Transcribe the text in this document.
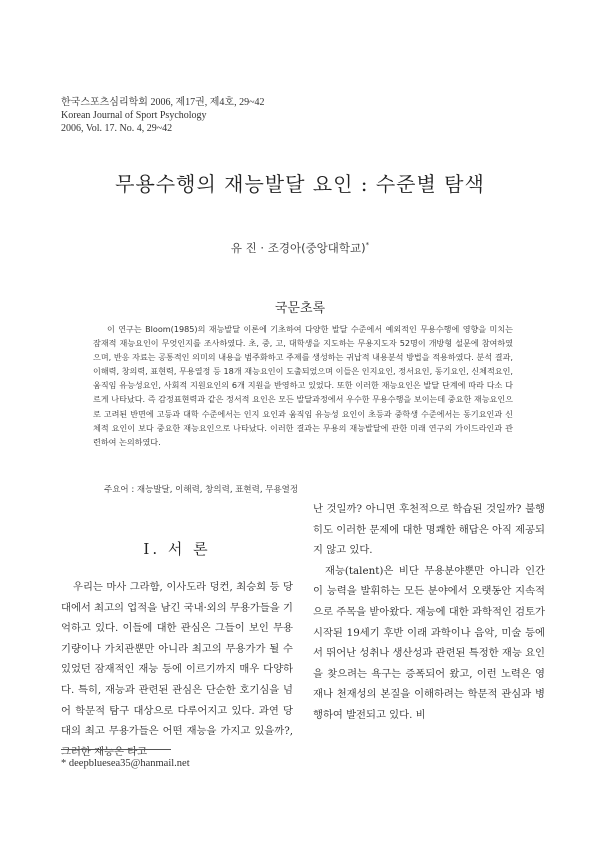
한국스포츠심리학회 2006, 제17권, 제4호, 29~42
Korean Journal of Sport Psychology
2006, Vol. 17. No. 4, 29~42
무용수행의 재능발달 요인 : 수준별 탐색
유 진 · 조경아(중앙대학교)*
국문초록
이 연구는 Bloom(1985)의 재능발달 이론에 기초하여 다양한 발달 수준에서 예외적인 무용수행에 영향을 미치는 잠재적 재능요인이 무엇인지를 조사하였다. 초, 중, 고, 대학생을 지도하는 무용지도자 52명이 개방형 설문에 참여하였으며, 반응 자료는 공통적인 의미의 내용을 범주화하고 주제를 생성하는 귀납적 내용분석 방법을 적용하였다. 분석 결과, 이해력, 창의력, 표현력, 무용열정 등 18개 재능요인이 도출되었으며 이들은 인지요인, 정서요인, 동기요인, 신체적요인, 움직임 유능성요인, 사회적 지원요인의 6개 지원을 반영하고 있었다. 또한 이러한 재능요인은 발달 단계에 따라 다소 다르게 나타났다. 즉 감정표현력과 같은 정서적 요인은 모든 발달과정에서 우수한 무용수행을 보이는데 중요한 재능요인으로 고려된 반면에 고등과 대학 수준에서는 인지 요인과 움직임 유능성 요인이 초등과 중학생 수준에서는 동기요인과 신체적 요인이 보다 중요한 재능요인으로 나타났다. 이러한 결과는 무용의 재능발달에 관한 미래 연구의 가이드라인과 관련하여 논의하였다.
주요어 : 재능발달, 이해력, 창의력, 표현력, 무용열정
I. 서 론

우리는 마사 그라함, 이사도라 덩컨, 최승희 등 당대에서 최고의 업적을 남긴 국내·외의 무용가들을 기억하고 있다. 이들에 대한 관심은 그들이 보인 무용 기량이나 가치관뿐만 아니라 최고의 무용가가 될 수 있었던 잠재적인 재능 등에 이르기까지 매우 다양하다. 특히, 재능과 관련된 관심은 단순한 호기심을 넘어 학문적 탐구 대상으로 다루어지고 있다. 과연 당대의 최고 무용가들은 어떤 재능을 가지고 있을까?, 그러한 재능은 타고

난 것일까? 아니면 후천적으로 학습된 것일까? 불행히도 이러한 문제에 대한 명쾌한 해답은 아직 제공되지 않고 있다.

재능(talent)은 비단 무용분야뿐만 아니라 인간이 능력을 발휘하는 모든 분야에서 오랫동안 지속적으로 주목을 받아왔다. 재능에 대한 과학적인 검토가 시작된 19세기 후반 이래 과학이나 음악, 미술 등에서 뛰어난 성취나 생산성과 관련된 특정한 재능 요인을 찾으려는 욕구는 증폭되어 왔고, 이런 노력은 영재나 천재성의 본질을 이해하려는 학문적 관심과 병행하여 발전되고 있다. 비

* deepbluesea35@hanmail.net
